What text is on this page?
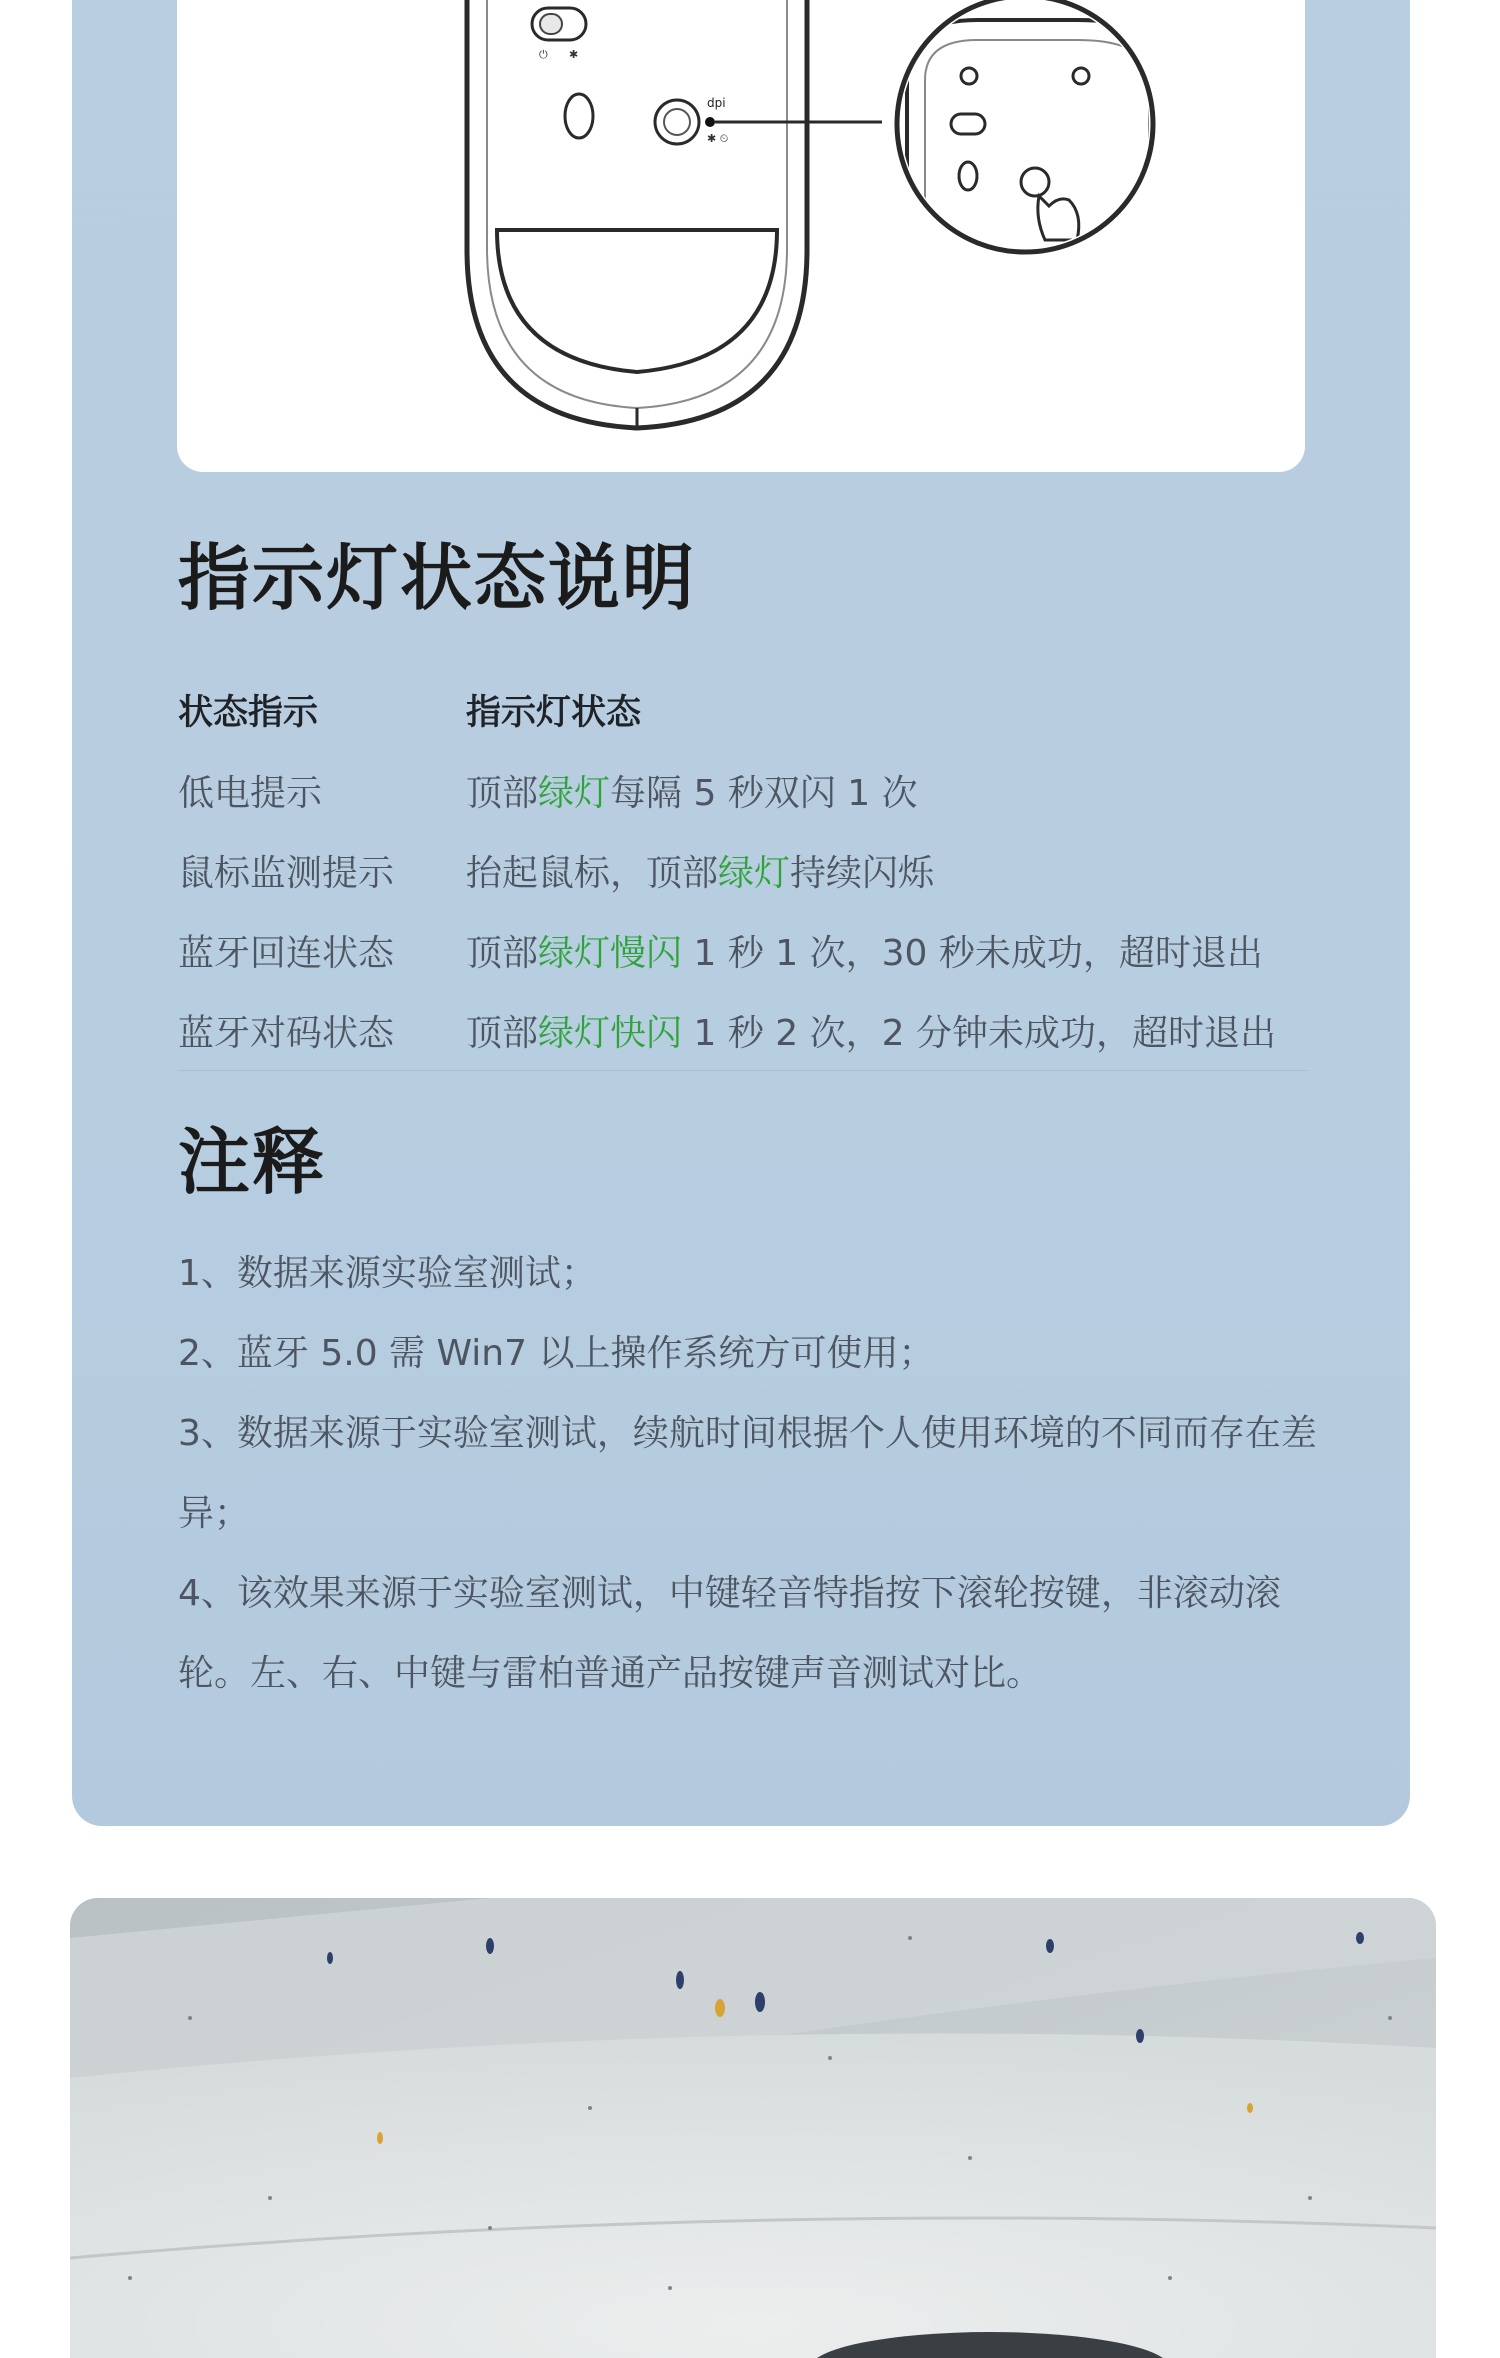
⏻ ✱
dpi
✱ ⏲
指示灯状态说明
状态指示	指示灯状态
低电提示	顶部绿灯每隔 5 秒双闪 1 次
鼠标监测提示	抬起鼠标，顶部绿灯持续闪烁
蓝牙回连状态	顶部绿灯慢闪 1 秒 1 次，30 秒未成功，超时退出
蓝牙对码状态	顶部绿灯快闪 1 秒 2 次，2 分钟未成功，超时退出
注释

1、数据来源实验室测试；

2、蓝牙 5.0 需 Win7 以上操作系统方可使用；

3、数据来源于实验室测试，续航时间根据个人使用环境的不同而存在差异；

4、该效果来源于实验室测试，中键轻音特指按下滚轮按键，非滚动滚轮。左、右、中键与雷柏普通产品按键声音测试对比。
